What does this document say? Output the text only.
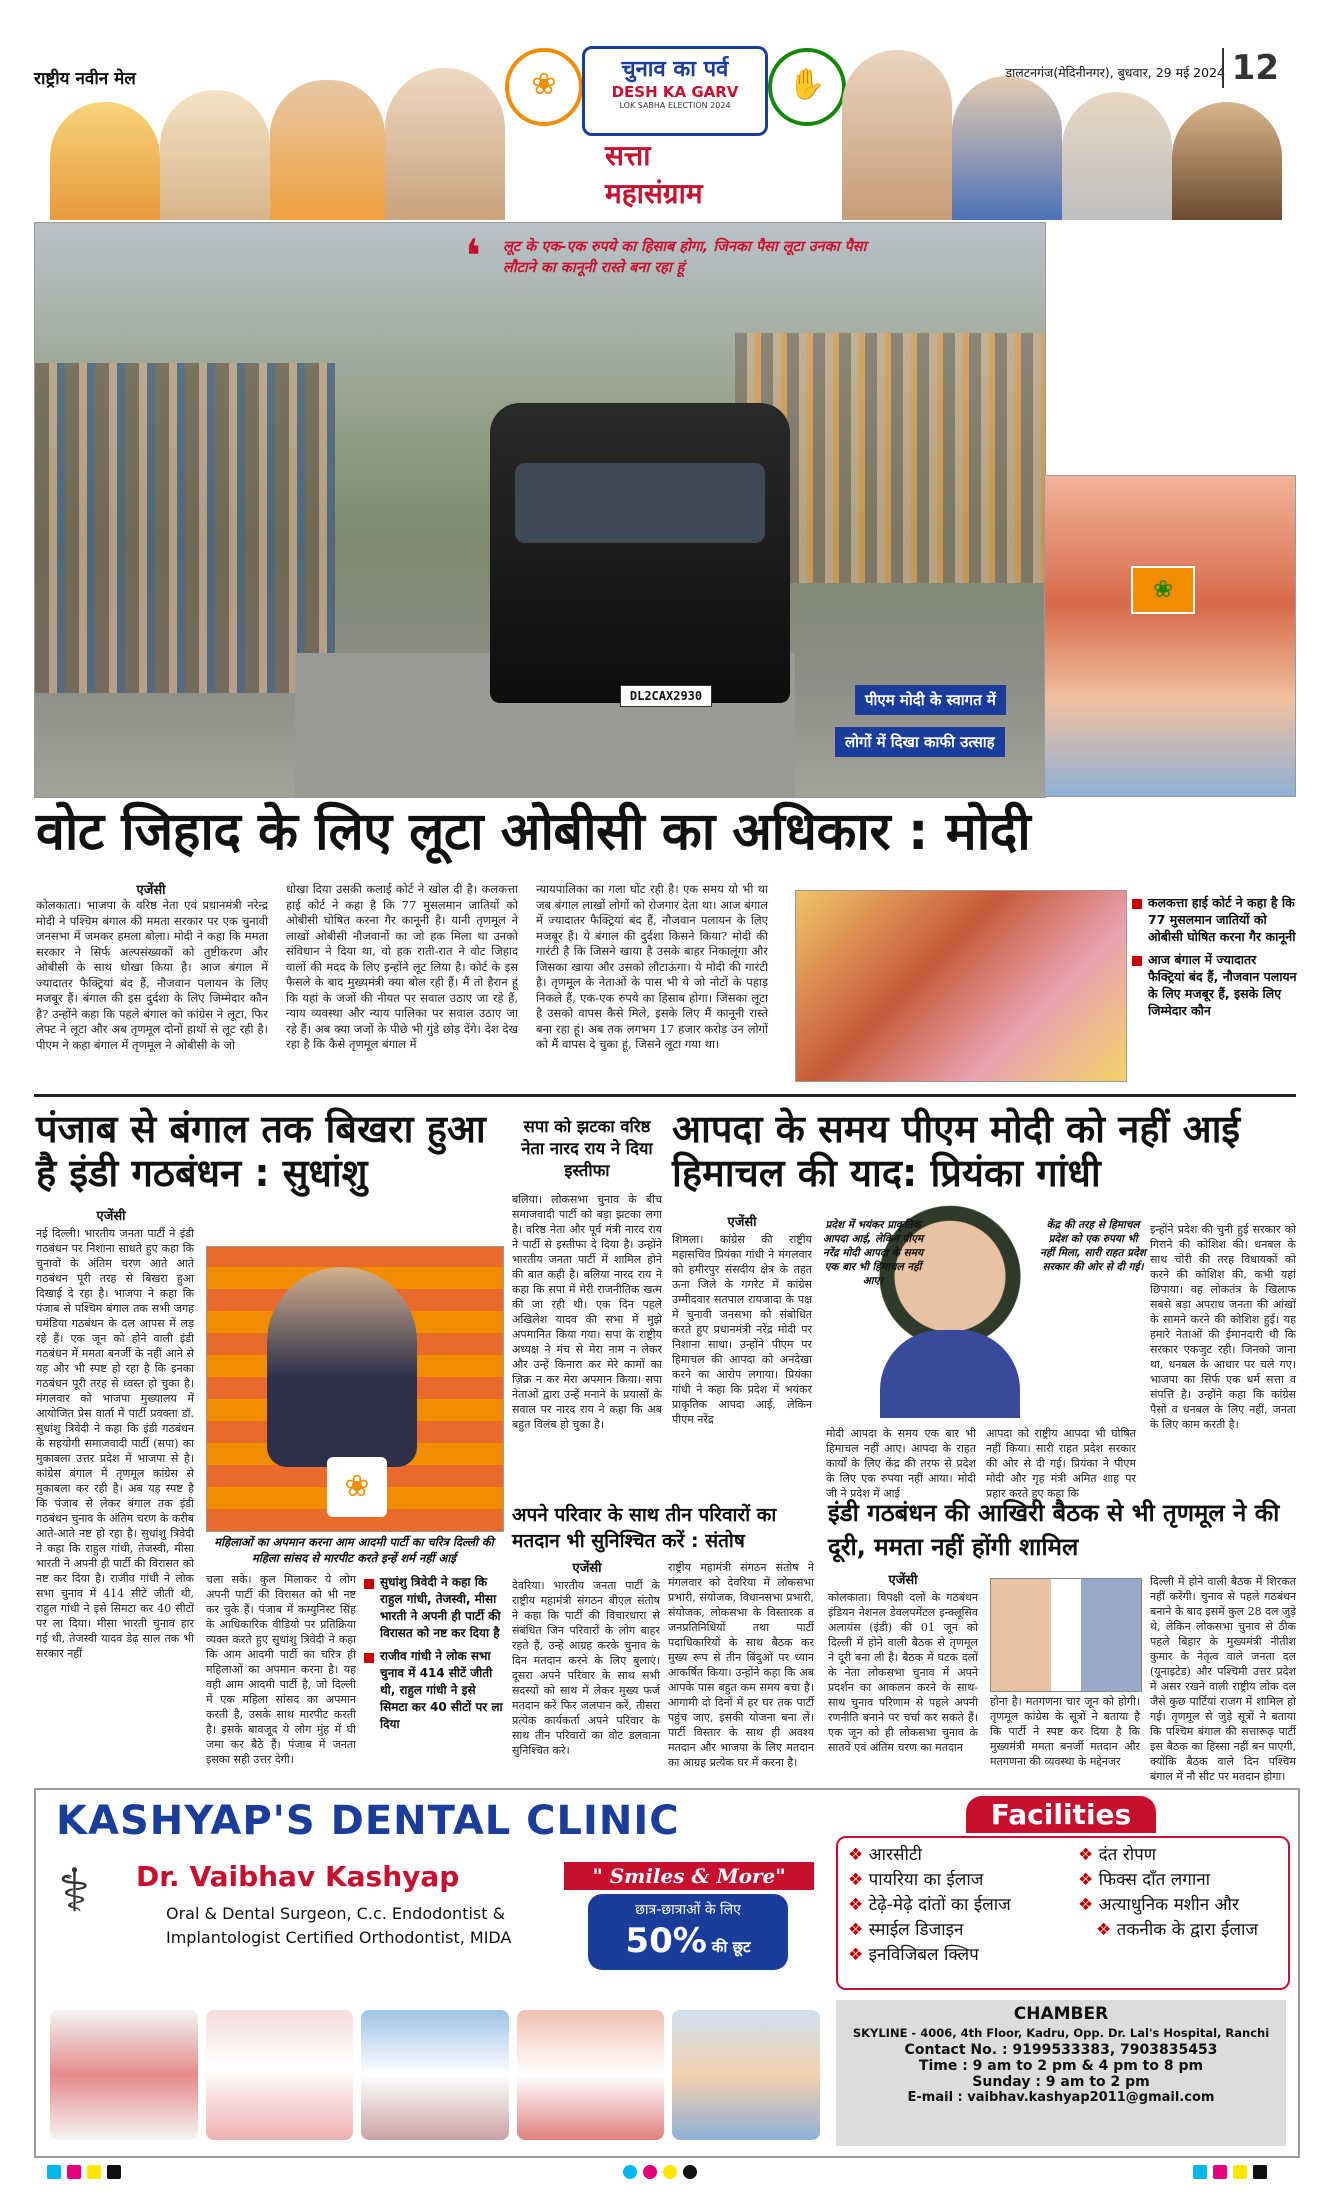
राष्ट्रीय नवीन मेल	❀	चुनाव का पर्व
DESH KA GARV
LOK SABHA ELECTION 2024
सत्ता
महासंग्राम
✋	डालटनगंज(मेदिनीनगर), बुधवार, 29 मई 2024 12
DL2CAX2930
❛ लूट के एक-एक रुपये का हिसाब होगा, जिनका पैसा लूटा उनका पैसा लौटाने का कानूनी रास्ते बना रहा हूं
पीएम मोदी के स्वागत में
लोगों में दिखा काफी उत्साह
❀
वोट जिहाद के लिए लूटा ओबीसी का अधिकार : मोदी
एजेंसी
कोलकाता। भाजपा के वरिष्ठ नेता एवं प्रधानमंत्री नरेन्द्र मोदी ने पश्चिम बंगाल की ममता सरकार पर एक चुनावी जनसभा में जमकर हमला बोला। मोदी ने कहा कि ममता सरकार ने सिर्फ अल्पसंख्यकों को तुष्टीकरण और ओबीसी के साथ धोखा किया है। आज बंगाल में ज्यादातर फैक्ट्रियां बंद हैं, नौजवान पलायन के लिए मजबूर हैं। बंगाल की इस दुर्दशा के लिए जिम्मेदार कौन है? उन्होंने कहा कि पहले बंगाल को कांग्रेस ने लूटा, फिर लेफ्ट ने लूटा और अब तृणमूल दोनों हाथों से लूट रही है। पीएम ने कहा बंगाल में तृणमूल ने ओबीसी के जो
धोखा दिया उसकी कलाई कोर्ट ने खोल दी है। कलकत्ता हाई कोर्ट ने कहा है कि 77 मुसलमान जातियों को ओबीसी घोषित करना गैर कानूनी है। यानी तृणमूल ने लाखों ओबीसी नौजवानों का जो हक मिला था उनको संविधान ने दिया था, वो हक राती-रात ने वोट जिहाद वालों की मदद के लिए इन्होंने लूट लिया है। कोर्ट के इस फैसले के बाद मुख्यमंत्री क्या बोल रही हैं। मैं तो हैरान हूं कि यहां के जजों की नीयत पर सवाल उठाए जा रहे हैं, न्याय व्यवस्था और न्याय पालिका पर सवाल उठाए जा रहे हैं। अब क्या जजों के पीछे भी गुंडे छोड़ देंगे। देश देख रहा है कि कैसे तृणमूल बंगाल में
न्यायपालिका का गला घोंट रही है। एक समय यो भी था जब बंगाल लाखों लोगों को रोजगार देता था। आज बंगाल में ज्यादातर फैक्ट्रियां बंद हैं, नौजवान पलायन के लिए मजबूर हैं। ये बंगाल की दुर्दशा किसने किया? मोदी की गारंटी है कि जिसने खाया है उसके बाहर निकालूंगा और जिसका खाया और उसको लौटाऊंगा। ये मोदी की गारंटी है। तृणमूल के नेताओं के पास भी ये जो नोटों के पहाड़ निकले हैं, एक-एक रुपये का हिसाब होगा। जिसका लूटा है उसको वापस कैसे मिले, इसके लिए मैं कानूनी रास्ते बना रहा हूं। अब तक लगभग 17 हजार करोड़ उन लोगों को मैं वापस दे चुका हूं, जिसने लूटा गया था।
कलकत्ता हाई कोर्ट ने कहा है कि 77 मुसलमान जातियों को ओबीसी घोषित करना गैर कानूनी
आज बंगाल में ज्यादातर फैक्ट्रियां बंद हैं, नौजवान पलायन के लिए मजबूर हैं, इसके लिए जिम्मेदार कौन
पंजाब से बंगाल तक बिखरा हुआ है इंडी गठबंधन : सुधांशु
एजेंसी
नई दिल्ली। भारतीय जनता पार्टी ने इंडी गठबंधन पर निशाना साधते हुए कहा कि चुनावों के अंतिम चरण आते आते गठबंधन पूरी तरह से बिखरा हुआ दिखाई दे रहा है। भाजपा ने कहा कि पंजाब से पश्चिम बंगाल तक सभी जगह घमंडिया गठबंधन के दल आपस में लड़ रहे हैं। एक जून को होने वाली इंडी गठबंधन में ममता बनर्जी के नहीं आने से यह और भी स्पष्ट हो रहा है कि इनका गठबंधन पूरी तरह से ध्वस्त हो चुका है। मंगलवार को भाजपा मुख्यालय में आयोजित प्रेस वार्ता में पार्टी प्रवक्ता डॉ. सुधांशु त्रिवेदी ने कहा कि इंडी गठबंधन के सहयोगी समाजवादी पार्टी (सपा) का मुकाबला उत्तर प्रदेश में भाजपा से है। कांग्रेस बंगाल में तृणमूल कांग्रेस से मुकाबला कर रही है। अब यह स्पष्ट है कि पंजाब से लेकर बंगाल तक इंडी गठबंधन चुनाव के अंतिम चरण के करीब आते-आते नष्ट हो रहा है। सुधांशु त्रिवेदी ने कहा कि राहुल गांधी, तेजस्वी, मीसा भारती ने अपनी ही पार्टी की विरासत को नष्ट कर दिया है। राजीव गांधी ने लोक सभा चुनाव में 414 सीटें जीती थी, राहुल गांधी ने इसे सिमटा कर 40 सीटों पर ला दिया। मीसा भारती चुनाव हार गई थी, तेजस्वी यादव डेढ़ साल तक भी सरकार नहीं
❀
महिलाओं का अपमान करना आम आदमी पार्टी का चरित्र दिल्ली की महिला सांसद से मारपीट करते इन्हें शर्म नहीं आई
चला सके। कुल मिलाकर ये लोग अपनी पार्टी की विरासत को भी नष्ट कर चुके हैं। पंजाब में कम्युनिस्ट सिंह के आधिकारिक वीडियो पर प्रतिक्रिया व्यक्त करते हुए सुधांशु त्रिवेदी ने कहा कि आम आदमी पार्टी का चरित्र ही महिलाओं का अपमान करना है। यह वही आम आदमी पार्टी है, जो दिल्ली में एक महिला सांसद का अपमान करती है, उसके साथ मारपीट करती है। इसके बावजूद ये लोग मुंह में घी जमा कर बैठे हैं। पंजाब में जनता इसका सही उत्तर देगी।
सुधांशु त्रिवेदी ने कहा कि राहुल गांधी, तेजस्वी, मीसा भारती ने अपनी ही पार्टी की विरासत को नष्ट कर दिया है
राजीव गांधी ने लोक सभा चुनाव में 414 सीटें जीती थी, राहुल गांधी ने इसे सिमटा कर 40 सीटों पर ला दिया
सपा को झटका वरिष्ठ नेता नारद राय ने दिया इस्तीफा
बलिया। लोकसभा चुनाव के बीच समाजवादी पार्टी को बड़ा झटका लगा है। वरिष्ठ नेता और पूर्व मंत्री नारद राय ने पार्टी से इस्तीफा दे दिया है। उन्होंने भारतीय जनता पार्टी में शामिल होने की बात कही है। बलिया नारद राय ने कहा कि सपा में मेरी राजनीतिक खत्म की जा रही थी। एक दिन पहले अखिलेश यादव की सभा में मुझे अपमानित किया गया। सपा के राष्ट्रीय अध्यक्ष ने मंच से मेरा नाम न लेकर और उन्हें किनारा कर मेरे कामों का ज़िक्र न कर मेरा अपमान किया। सपा नेताओं द्वारा उन्हें मनाने के प्रयासों के सवाल पर नारद राय ने कहा कि अब बहुत विलंब हो चुका है।
अपने परिवार के साथ तीन परिवारों का मतदान भी सुनिश्चित करें : संतोष
एजेंसी
देवरिया। भारतीय जनता पार्टी के राष्ट्रीय महामंत्री संगठन बीएल संतोष ने कहा कि पार्टी की विचारधारा से संबंधित जिन परिवारों के लोग बाहर रहते हैं, उन्हें आग्रह करके चुनाव के दिन मतदान करने के लिए बुलाएं। दूसरा अपने परिवार के साथ सभी सदस्यों को साथ में लेकर मुख्य फर्ज मतदान करें फिर जलपान करें, तीसरा प्रत्येक कार्यकर्ता अपने परिवार के साथ तीन परिवारों का वोट डलवाना सुनिश्चित करे।
राष्ट्रीय महामंत्री संगठन संतोष ने मंगलवार को देवरिया में लोकसभा प्रभारी, संयोजक, विधानसभा प्रभारी, संयोजक, लोकसभा के विस्तारक व जनप्रतिनिधियों तथा पार्टी पदाधिकारियों के साथ बैठक कर मुख्य रूप से तीन बिंदुओं पर ध्यान आकर्षित किया। उन्होंने कहा कि अब आपके पास बहुत कम समय बचा है। आगामी दो दिनों में हर घर तक पार्टी पहुंच जाए, इसकी योजना बना लें। पार्टी विस्तार के साथ ही अवश्य मतदान और भाजपा के लिए मतदान का आग्रह प्रत्येक घर में करना है।
आपदा के समय पीएम मोदी को नहीं आई हिमाचल की याद: प्रियंका गांधी
एजेंसी
शिमला। कांग्रेस की राष्ट्रीय महासचिव प्रियंका गांधी ने मंगलवार को हमीरपुर संसदीय क्षेत्र के तहत ऊना जिले के गगरेट में कांग्रेस उम्मीदवार सतपाल रायजादा के पक्ष में चुनावी जनसभा को संबोधित करते हुए प्रधानमंत्री नरेंद्र मोदी पर निशाना साधा। उन्होंने पीएम पर हिमाचल की आपदा को अनदेखा करने का आरोप लगाया। प्रियंका गांधी ने कहा कि प्रदेश में भयंकर प्राकृतिक आपदा आई, लेकिन पीएम नरेंद्र
प्रदेश में भयंकर प्राकृतिक आपदा आई, लेकिन पीएम नरेंद्र मोदी आपदा के समय एक बार भी हिमाचल नहीं आए।
केंद्र की तरह से हिमाचल प्रदेश को एक रुपया भी नहीं मिला, सारी राहत प्रदेश सरकार की ओर से दी गई।
मोदी आपदा के समय एक बार भी हिमाचल नहीं आए। आपदा के राहत कार्यों के लिए केंद्र की तरफ से प्रदेश के लिए एक रुपया नहीं आया। मोदी जी ने प्रदेश में आई
आपदा को राष्ट्रीय आपदा भी घोषित नहीं किया। सारी राहत प्रदेश सरकार की ओर से दी गई। प्रियंका ने पीएम मोदी और गृह मंत्री अमित शाह पर प्रहार करते हुए कहा कि
इन्होंने प्रदेश की चुनी हुई सरकार को गिराने की कोशिश की। धनबल के साथ चोरी की तरह विधायकों को करने की कोशिश की, कभी यहां छिपाया। वह लोकतंत्र के खिलाफ सबसे बड़ा अपराध जनता की आंखों के सामने करने की कोशिश हुई। यह हमारे नेताओं की ईमानदारी थी कि सरकार एकजुट रही। जिनको जाना था, धनबल के आधार पर चले गए। भाजपा का सिर्फ एक धर्म सत्ता व संपत्ति है। उन्होंने कहा कि कांग्रेस पैसों व धनबल के लिए नहीं, जनता के लिए काम करती है।
इंडी गठबंधन की आखिरी बैठक से भी तृणमूल ने की दूरी, ममता नहीं होंगी शामिल
एजेंसी
कोलकाता। विपक्षी दलों के गठबंधन इंडियन नेशनल डेवलपमेंटल इन्क्लूसिव अलायंस (इंडी) की 01 जून को दिल्ली में होने वाली बैठक से तृणमूल ने दूरी बना ली है। बैठक में घटक दलों के नेता लोकसभा चुनाव में अपने प्रदर्शन का आकलन करने के साथ-साथ चुनाव परिणाम से पहले अपनी रणनीति बनाने पर चर्चा कर सकते हैं। एक जून को ही लोकसभा चुनाव के सातवें एवं अंतिम चरण का मतदान
होना है। मतगणना चार जून को होगी। तृणमूल कांग्रेस के सूत्रों ने बताया है कि पार्टी ने स्पष्ट कर दिया है कि मुख्यमंत्री ममता बनर्जी मतदान और मतगणना की व्यवस्था के मद्देनजर
दिल्ली में होने वाली बैठक में शिरकत नहीं करेंगी। चुनाव से पहले गठबंधन बनाने के बाद इसमें कुल 28 दल जुड़े थे, लेकिन लोकसभा चुनाव से ठीक पहले बिहार के मुख्यमंत्री नीतीश कुमार के नेतृत्व वाले जनता दल (यूनाइटेड) और पश्चिमी उत्तर प्रदेश में असर रखने वाली राष्ट्रीय लोक दल जैसे कुछ पार्टियां राजग में शामिल हो गई। तृणमूल से जुड़े सूत्रों ने बताया कि पश्चिम बंगाल की सत्तारूढ़ पार्टी इस बैठक का हिस्सा नहीं बन पाएगी, क्योंकि बैठक वाले दिन पश्चिम बंगाल में नौ सीट पर मतदान होगा।
KASHYAP'S DENTAL CLINIC
⚕ Dr. Vaibhav Kashyap	" Smiles & More"
Oral & Dental Surgeon, C.c. Endodontist &
Implantologist Certified Orthodontist, MIDA
छात्र-छात्राओं के लिए
50% की छूट
Facilities
❖ आरसीटी
❖ पायरिया का ईलाज
❖ टेढ़े-मेढ़े दांतों का ईलाज
❖ स्माईल डिजाइन
❖ इनविजिबल क्लिप
❖ दंत रोपण
❖ फिक्स दाँत लगाना
❖ अत्याधुनिक मशीन और
❖ तकनीक के द्वारा ईलाज
CHAMBER
SKYLINE - 4006, 4th Floor, Kadru, Opp. Dr. Lal's Hospital, Ranchi
Contact No. : 9199533383, 7903835453
Time : 9 am to 2 pm & 4 pm to 8 pm
Sunday : 9 am to 2 pm
E-mail : vaibhav.kashyap2011@gmail.com
